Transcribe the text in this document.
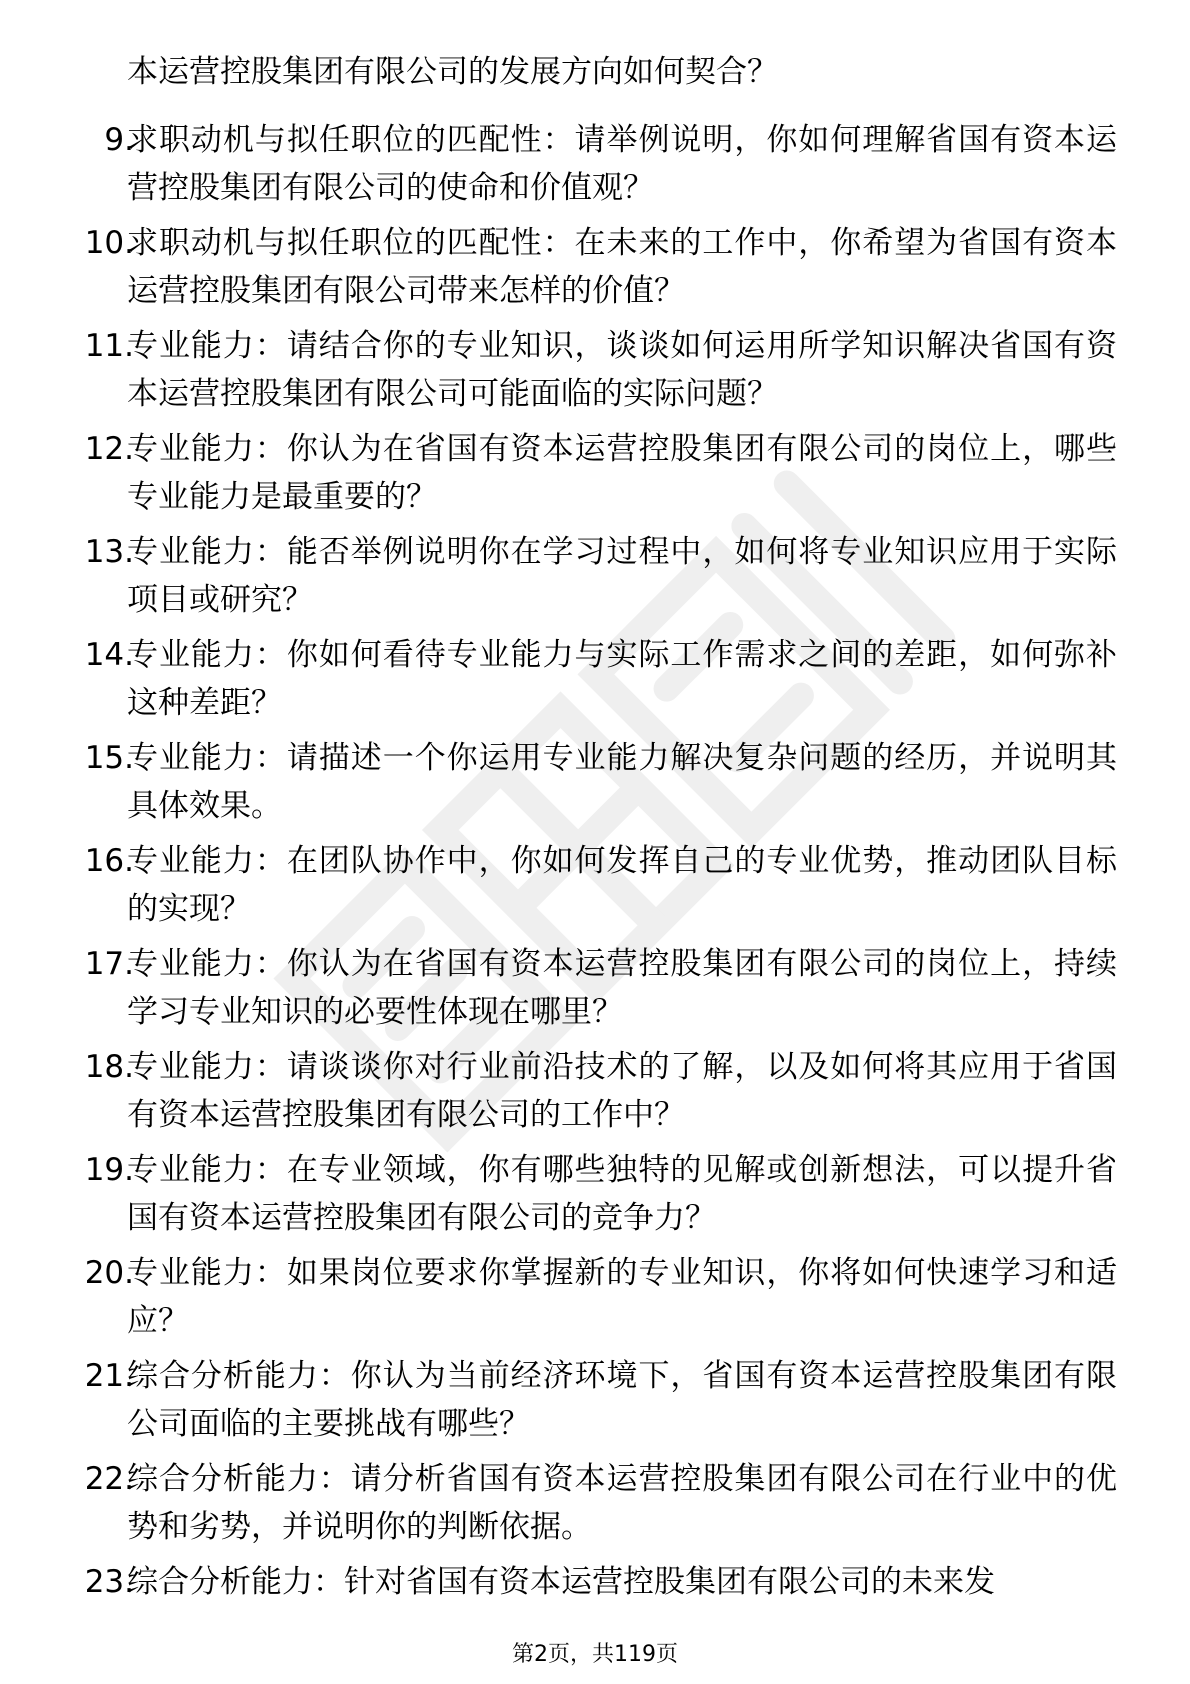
本运营控股集团有限公司的发展方向如何契合？
9.
求职动机与拟任职位的匹配性：请举例说明，你如何理解省国有资本运营控股集团有限公司的使命和价值观？
10.
求职动机与拟任职位的匹配性：在未来的工作中，你希望为省国有资本运营控股集团有限公司带来怎样的价值？
11.
专业能力：请结合你的专业知识，谈谈如何运用所学知识解决省国有资本运营控股集团有限公司可能面临的实际问题？
12.
专业能力：你认为在省国有资本运营控股集团有限公司的岗位上，哪些专业能力是最重要的？
13.
专业能力：能否举例说明你在学习过程中，如何将专业知识应用于实际项目或研究？
14.
专业能力：你如何看待专业能力与实际工作需求之间的差距，如何弥补这种差距？
15.
专业能力：请描述一个你运用专业能力解决复杂问题的经历，并说明其具体效果。
16.
专业能力：在团队协作中，你如何发挥自己的专业优势，推动团队目标的实现？
17.
专业能力：你认为在省国有资本运营控股集团有限公司的岗位上，持续学习专业知识的必要性体现在哪里？
18.
专业能力：请谈谈你对行业前沿技术的了解，以及如何将其应用于省国有资本运营控股集团有限公司的工作中？
19.
专业能力：在专业领域，你有哪些独特的见解或创新想法，可以提升省国有资本运营控股集团有限公司的竞争力？
20.
专业能力：如果岗位要求你掌握新的专业知识，你将如何快速学习和适应？
21.
综合分析能力：你认为当前经济环境下，省国有资本运营控股集团有限公司面临的主要挑战有哪些？
22.
综合分析能力：请分析省国有资本运营控股集团有限公司在行业中的优势和劣势，并说明你的判断依据。
23.
综合分析能力：针对省国有资本运营控股集团有限公司的未来发
第2页，共119页
